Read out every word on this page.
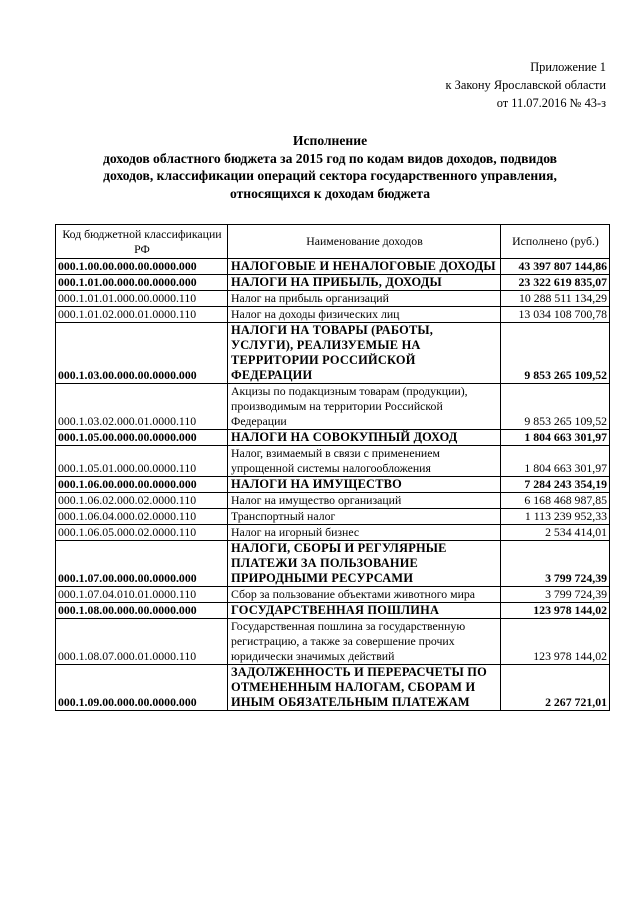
Приложение 1
к Закону Ярославской области
от 11.07.2016 № 43-з
Исполнение
доходов областного бюджета за 2015 год по кодам видов доходов, подвидов
доходов, классификации операций сектора государственного управления,
относящихся к доходам бюджета
Код бюджетной классификации РФ	Наименование доходов	Исполнено (руб.)
000.1.00.00.000.00.0000.000	НАЛОГОВЫЕ И НЕНАЛОГОВЫЕ ДОХОДЫ	43 397 807 144,86
000.1.01.00.000.00.0000.000	НАЛОГИ НА ПРИБЫЛЬ, ДОХОДЫ	23 322 619 835,07
000.1.01.01.000.00.0000.110	Налог на прибыль организаций	10 288 511 134,29
000.1.01.02.000.01.0000.110	Налог на доходы физических лиц	13 034 108 700,78
000.1.03.00.000.00.0000.000	НАЛОГИ НА ТОВАРЫ (РАБОТЫ, УСЛУГИ), РЕАЛИЗУЕМЫЕ НА ТЕРРИТОРИИ РОССИЙСКОЙ ФЕДЕРАЦИИ	9 853 265 109,52
000.1.03.02.000.01.0000.110	Акцизы по подакцизным товарам (продукции), производимым на территории Российской Федерации	9 853 265 109,52
000.1.05.00.000.00.0000.000	НАЛОГИ НА СОВОКУПНЫЙ ДОХОД	1 804 663 301,97
000.1.05.01.000.00.0000.110	Налог, взимаемый в связи с применением упрощенной системы налогообложения	1 804 663 301,97
000.1.06.00.000.00.0000.000	НАЛОГИ НА ИМУЩЕСТВО	7 284 243 354,19
000.1.06.02.000.02.0000.110	Налог на имущество организаций	6 168 468 987,85
000.1.06.04.000.02.0000.110	Транспортный налог	1 113 239 952,33
000.1.06.05.000.02.0000.110	Налог на игорный бизнес	2 534 414,01
000.1.07.00.000.00.0000.000	НАЛОГИ, СБОРЫ И РЕГУЛЯРНЫЕ ПЛАТЕЖИ ЗА ПОЛЬЗОВАНИЕ ПРИРОДНЫМИ РЕСУРСАМИ	3 799 724,39
000.1.07.04.010.01.0000.110	Сбор за пользование объектами животного мира	3 799 724,39
000.1.08.00.000.00.0000.000	ГОСУДАРСТВЕННАЯ ПОШЛИНА	123 978 144,02
000.1.08.07.000.01.0000.110	Государственная пошлина за государственную регистрацию, а также за совершение прочих юридически значимых действий	123 978 144,02
000.1.09.00.000.00.0000.000	ЗАДОЛЖЕННОСТЬ И ПЕРЕРАСЧЕТЫ ПО ОТМЕНЕННЫМ НАЛОГАМ, СБОРАМ И ИНЫМ ОБЯЗАТЕЛЬНЫМ ПЛАТЕЖАМ	2 267 721,01
